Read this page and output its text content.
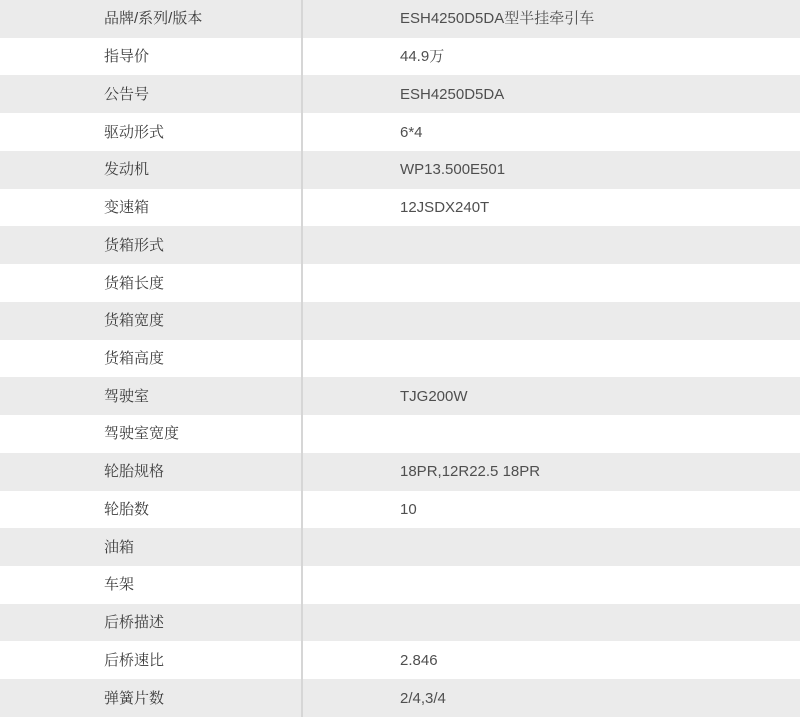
品牌/系列/版本	ESH4250D5DA型半挂牵引车
指导价	44.9万
公告号	ESH4250D5DA
驱动形式	6*4
发动机	WP13.500E501
变速箱	12JSDX240T
货箱形式
货箱长度
货箱宽度
货箱高度
驾驶室	TJG200W
驾驶室宽度
轮胎规格	18PR,12R22.5 18PR
轮胎数	10
油箱
车架
后桥描述
后桥速比	2.846
弹簧片数	2/4,3/4
